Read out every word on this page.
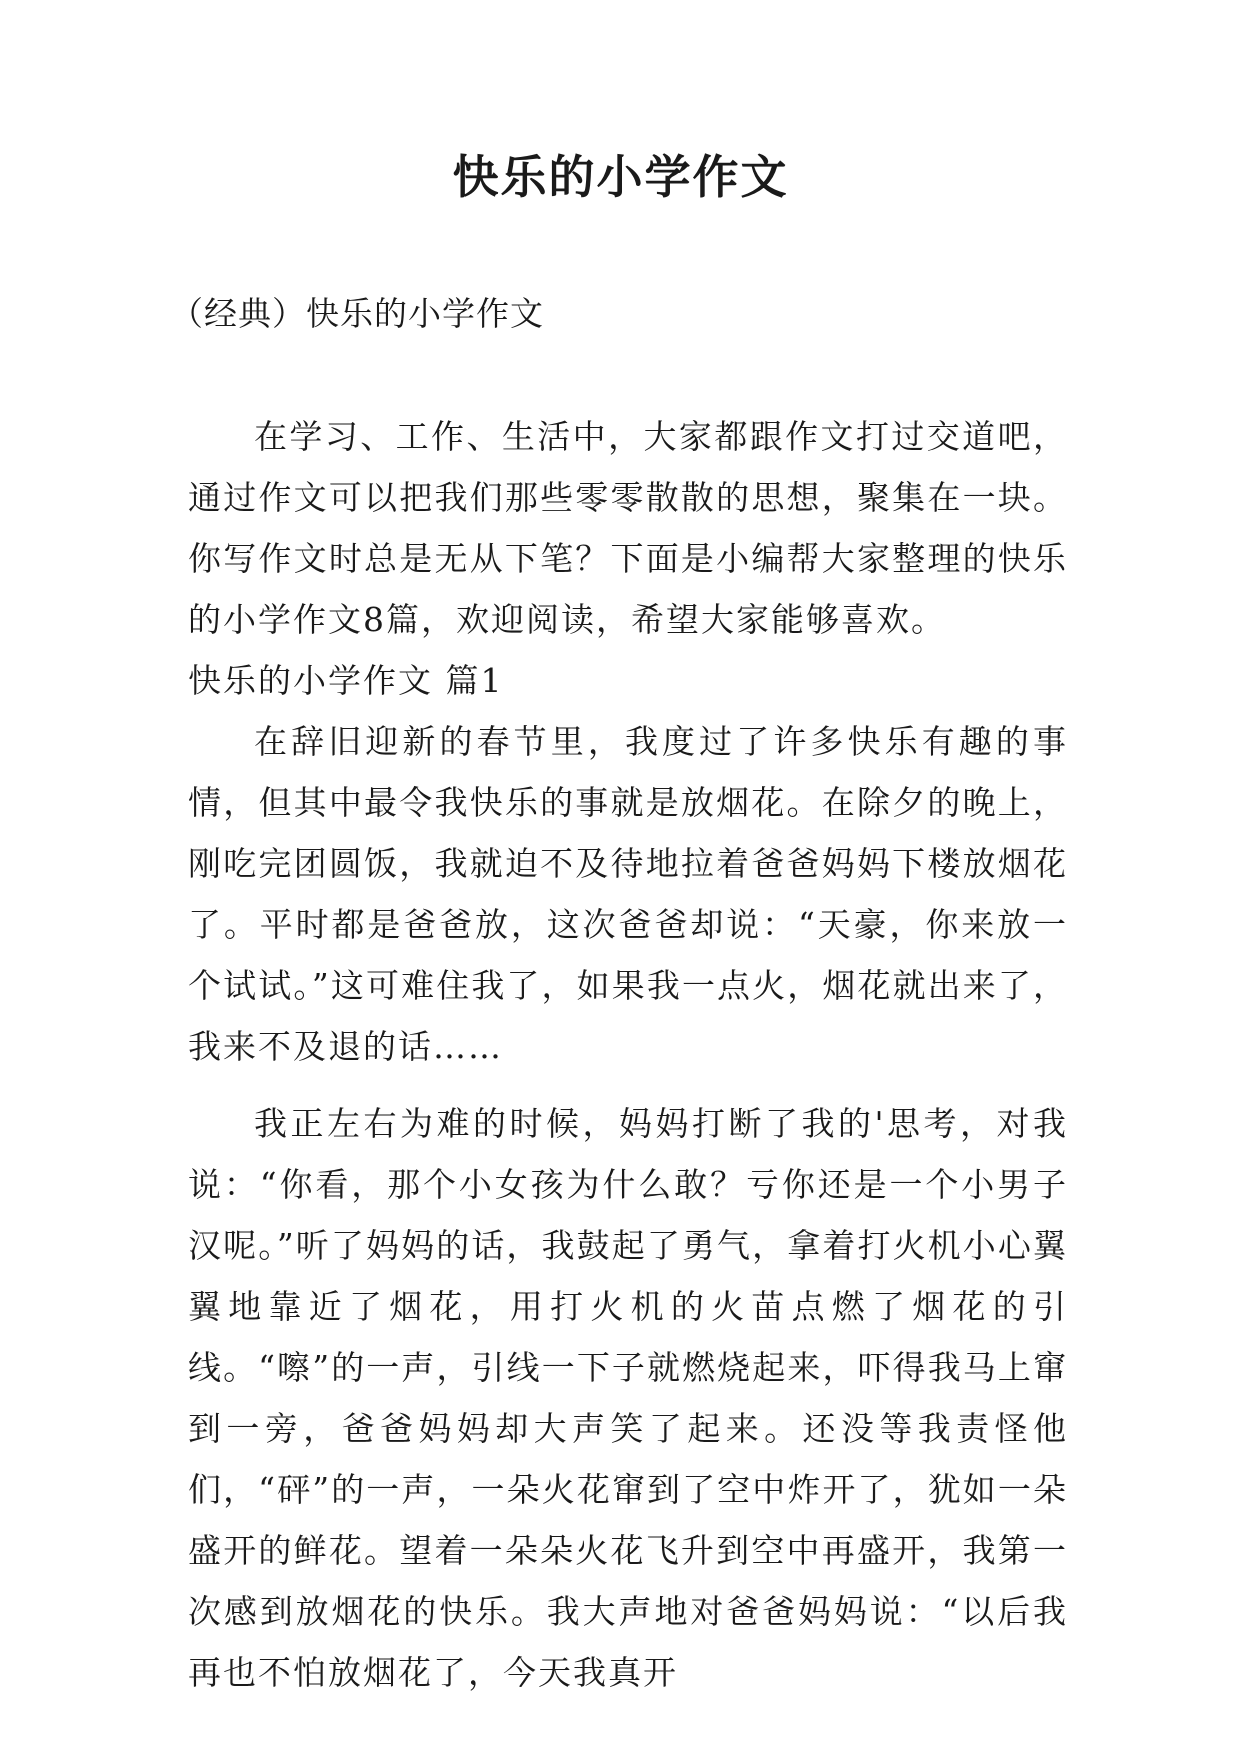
快乐的小学作文
（经典）快乐的小学作文

在学习、工作、生活中，大家都跟作文打过交道吧，通过作文可以把我们那些零零散散的思想，聚集在一块。你写作文时总是无从下笔？下面是小编帮大家整理的快乐的小学作文8篇，欢迎阅读，希望大家能够喜欢。

快乐的小学作文 篇1

在辞旧迎新的春节里，我度过了许多快乐有趣的事情，但其中最令我快乐的事就是放烟花。在除夕的晚上，刚吃完团圆饭，我就迫不及待地拉着爸爸妈妈下楼放烟花了。平时都是爸爸放，这次爸爸却说：“天豪，你来放一个试试。”这可难住我了，如果我一点火，烟花就出来了，我来不及退的话……

我正左右为难的时候，妈妈打断了我的'思考，对我说：“你看，那个小女孩为什么敢？亏你还是一个小男子汉呢。”听了妈妈的话，我鼓起了勇气，拿着打火机小心翼翼地靠近了烟花，用打火机的火苗点燃了烟花的引线。“嚓”的一声，引线一下子就燃烧起来，吓得我马上窜到一旁，爸爸妈妈却大声笑了起来。还没等我责怪他们，“砰”的一声，一朵火花窜到了空中炸开了，犹如一朵盛开的鲜花。望着一朵朵火花飞升到空中再盛开，我第一次感到放烟花的快乐。我大声地对爸爸妈妈说：“以后我再也不怕放烟花了，今天我真开
